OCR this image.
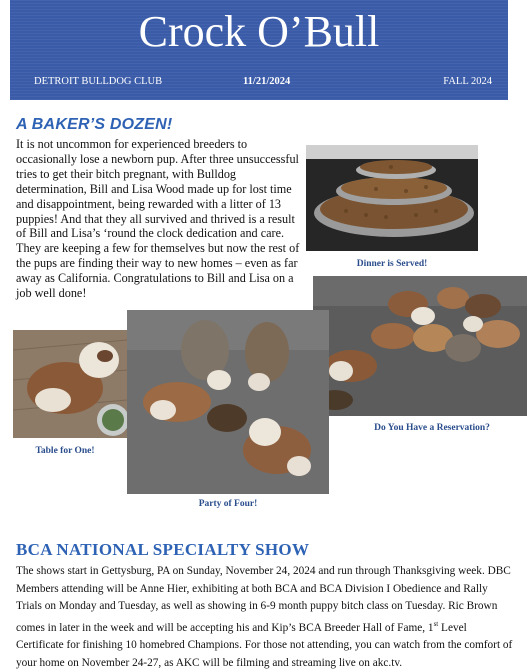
Crock O’Bull
DETROIT BULLDOG CLUB	11/21/2024	FALL 2024
A BAKER’S DOZEN!
It is not uncommon for experienced breeders to occasionally lose a newborn pup. After three unsuccessful tries to get their bitch pregnant, with Bulldog determination, Bill and Lisa Wood made up for lost time and disappointment, being rewarded with a litter of 13 puppies! And that they all survived and thrived is a result of Bill and Lisa’s ‘round the clock dedication and care. They are keeping a few for themselves but now the rest of the pups are finding their way to new homes – even as far away as California. Congratulations to Bill and Lisa on a job well done!
Dinner is Served!
Do You Have a Reservation?
Table for One!
Party of Four!
BCA NATIONAL SPECIALTY SHOW
The shows start in Gettysburg, PA on Sunday, November 24, 2024 and run through Thanksgiving week. DBC Members attending will be Anne Hier, exhibiting at both BCA and BCA Division I Obedience and Rally Trials on Monday and Tuesday, as well as showing in 6-9 month puppy bitch class on Tuesday. Ric Brown comes in later in the week and will be accepting his and Kip’s BCA Breeder Hall of Fame, 1st Level Certificate for finishing 10 homebred Champions. For those not attending, you can watch from the comfort of your home on November 24-27, as AKC will be filming and streaming live on akc.tv.
